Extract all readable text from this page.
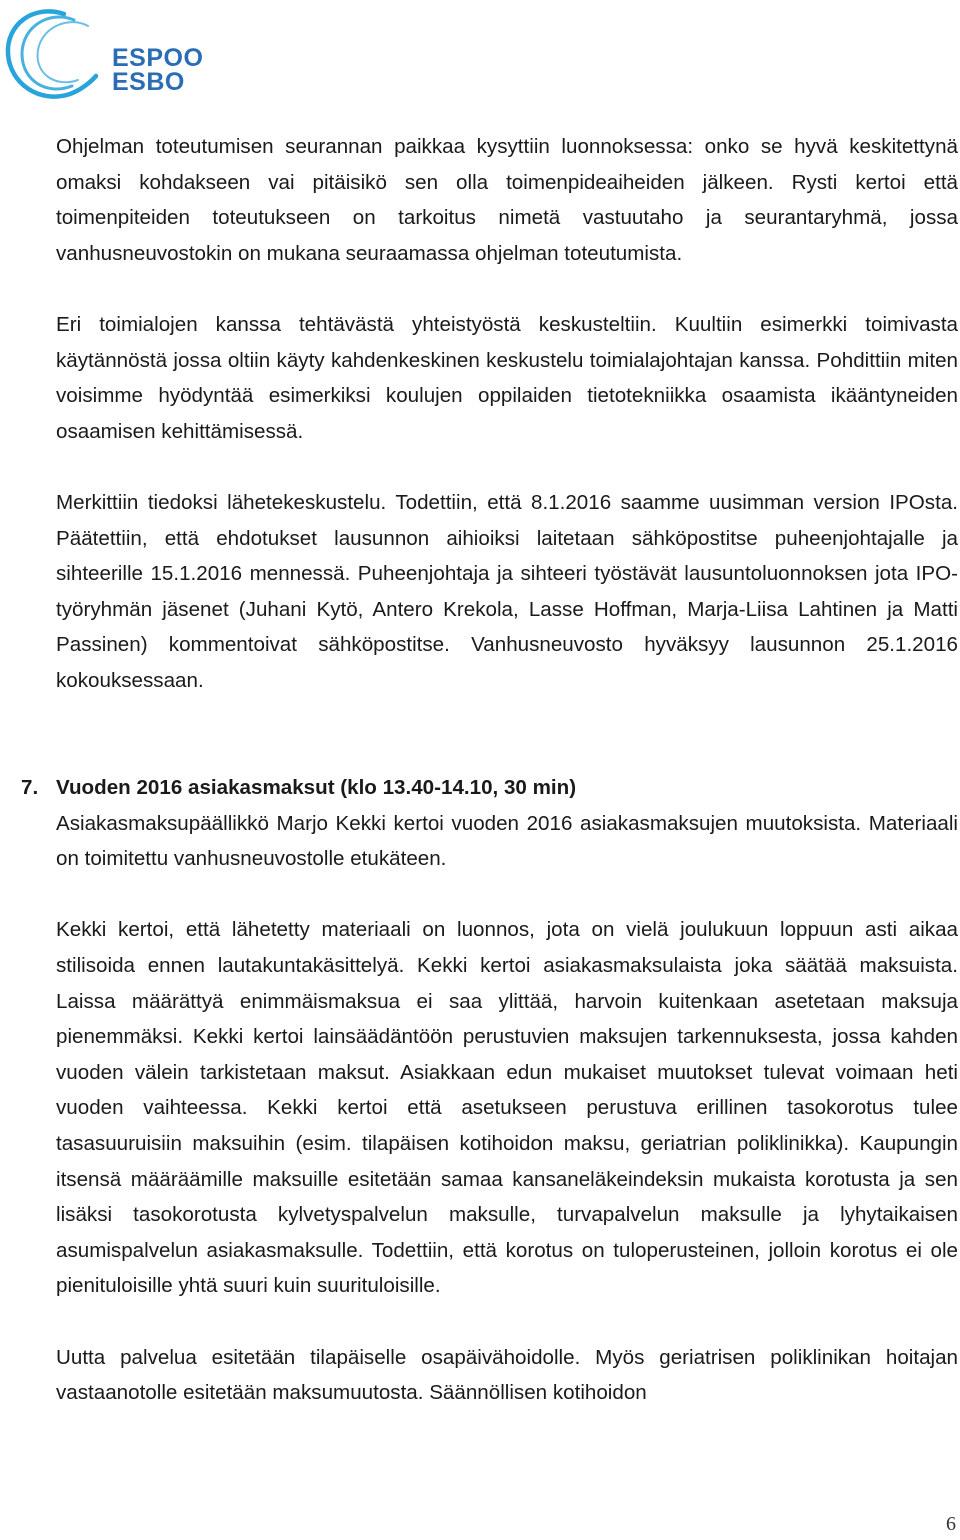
ESPOO
ESBO

Ohjelman toteutumisen seurannan paikkaa kysyttiin luonnoksessa: onko se hyvä keskitettynä omaksi kohdakseen vai pitäisikö sen olla toimenpideaiheiden jälkeen. Rysti kertoi että toimenpiteiden toteutukseen on tarkoitus nimetä vastuutaho ja seurantaryhmä, jossa vanhusneuvostokin on mukana seuraamassa ohjelman toteutumista.

Eri toimialojen kanssa tehtävästä yhteistyöstä keskusteltiin. Kuultiin esimerkki toimivasta käytännöstä jossa oltiin käyty kahdenkeskinen keskustelu toimialajohtajan kanssa. Pohdittiin miten voisimme hyödyntää esimerkiksi koulujen oppilaiden tietotekniikka osaamista ikääntyneiden osaamisen kehittämisessä.

Merkittiin tiedoksi lähetekeskustelu. Todettiin, että 8.1.2016 saamme uusimman version IPOsta. Päätettiin, että ehdotukset lausunnon aihioiksi laitetaan sähköpostitse puheenjohtajalle ja sihteerille 15.1.2016 mennessä. Puheenjohtaja ja sihteeri työstävät lausuntoluonnoksen jota IPO-työryhmän jäsenet (Juhani Kytö, Antero Krekola, Lasse Hoffman, Marja-Liisa Lahtinen ja Matti Passinen) kommentoivat sähköpostitse. Vanhusneuvosto hyväksyy lausunnon 25.1.2016 kokouksessaan.

7. Vuoden 2016 asiakasmaksut (klo 13.40-14.10, 30 min)

Asiakasmaksupäällikkö Marjo Kekki kertoi vuoden 2016 asiakasmaksujen muutoksista. Materiaali on toimitettu vanhusneuvostolle etukäteen.

Kekki kertoi, että lähetetty materiaali on luonnos, jota on vielä joulukuun loppuun asti aikaa stilisoida ennen lautakuntakäsittelyä. Kekki kertoi asiakasmaksulaista joka säätää maksuista. Laissa määrättyä enimmäismaksua ei saa ylittää, harvoin kuitenkaan asetetaan maksuja pienemmäksi. Kekki kertoi lainsäädäntöön perustuvien maksujen tarkennuksesta, jossa kahden vuoden välein tarkistetaan maksut. Asiakkaan edun mukaiset muutokset tulevat voimaan heti vuoden vaihteessa. Kekki kertoi että asetukseen perustuva erillinen tasokorotus tulee tasasuuruisiin maksuihin (esim. tilapäisen kotihoidon maksu, geriatrian poliklinikka). Kaupungin itsensä määräämille maksuille esitetään samaa kansaneläkeindeksin mukaista korotusta ja sen lisäksi tasokorotusta kylvetyspalvelun maksulle, turvapalvelun maksulle ja lyhytaikaisen asumispalvelun asiakasmaksulle. Todettiin, että korotus on tuloperusteinen, jolloin korotus ei ole pienituloisille yhtä suuri kuin suurituloisille.

Uutta palvelua esitetään tilapäiselle osapäivähoidolle. Myös geriatrisen poliklinikan hoitajan vastaanotolle esitetään maksumuutosta. Säännöllisen kotihoidon

6
